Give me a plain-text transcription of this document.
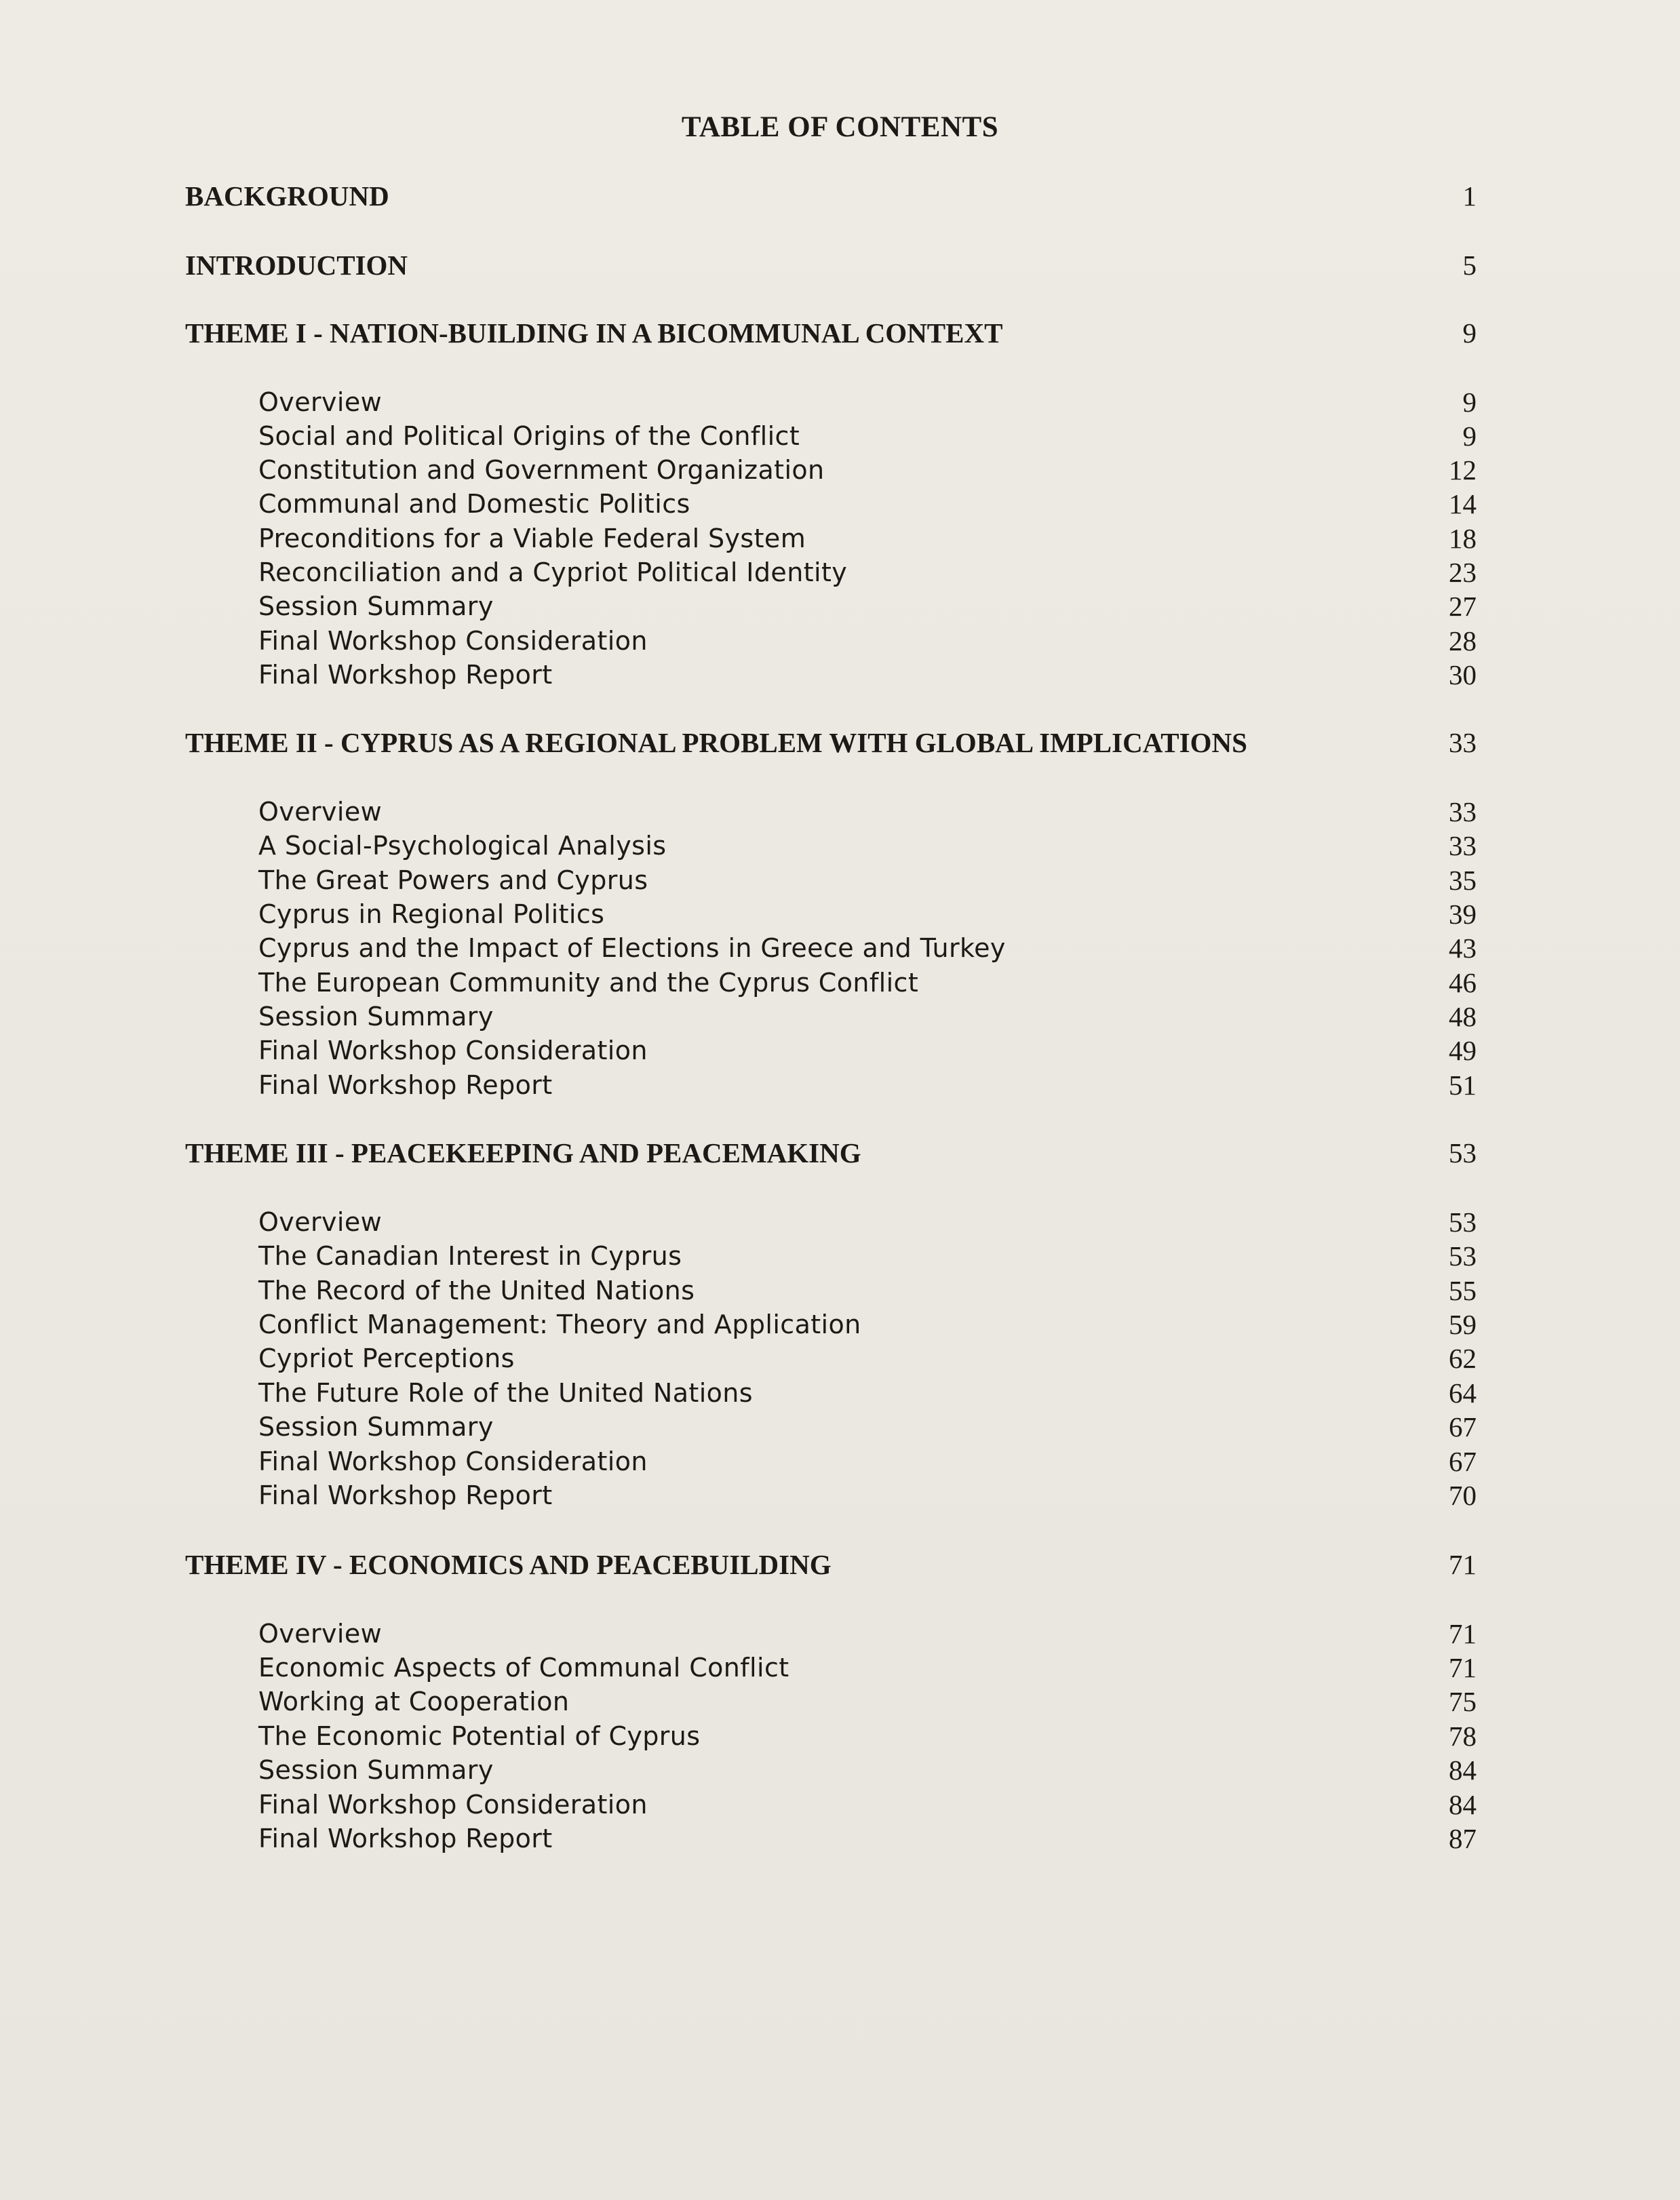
TABLE OF CONTENTS
BACKGROUND	1
INTRODUCTION	5
THEME I - NATION-BUILDING IN A BICOMMUNAL CONTEXT	9
Overview	9
Social and Political Origins of the Conflict	9
Constitution and Government Organization	12
Communal and Domestic Politics	14
Preconditions for a Viable Federal System	18
Reconciliation and a Cypriot Political Identity	23
Session Summary	27
Final Workshop Consideration	28
Final Workshop Report	30
THEME II - CYPRUS AS A REGIONAL PROBLEM WITH GLOBAL IMPLICATIONS	33
Overview	33
A Social-Psychological Analysis	33
The Great Powers and Cyprus	35
Cyprus in Regional Politics	39
Cyprus and the Impact of Elections in Greece and Turkey	43
The European Community and the Cyprus Conflict	46
Session Summary	48
Final Workshop Consideration	49
Final Workshop Report	51
THEME III - PEACEKEEPING AND PEACEMAKING	53
Overview	53
The Canadian Interest in Cyprus	53
The Record of the United Nations	55
Conflict Management: Theory and Application	59
Cypriot Perceptions	62
The Future Role of the United Nations	64
Session Summary	67
Final Workshop Consideration	67
Final Workshop Report	70
THEME IV - ECONOMICS AND PEACEBUILDING	71
Overview	71
Economic Aspects of Communal Conflict	71
Working at Cooperation	75
The Economic Potential of Cyprus	78
Session Summary	84
Final Workshop Consideration	84
Final Workshop Report	87
